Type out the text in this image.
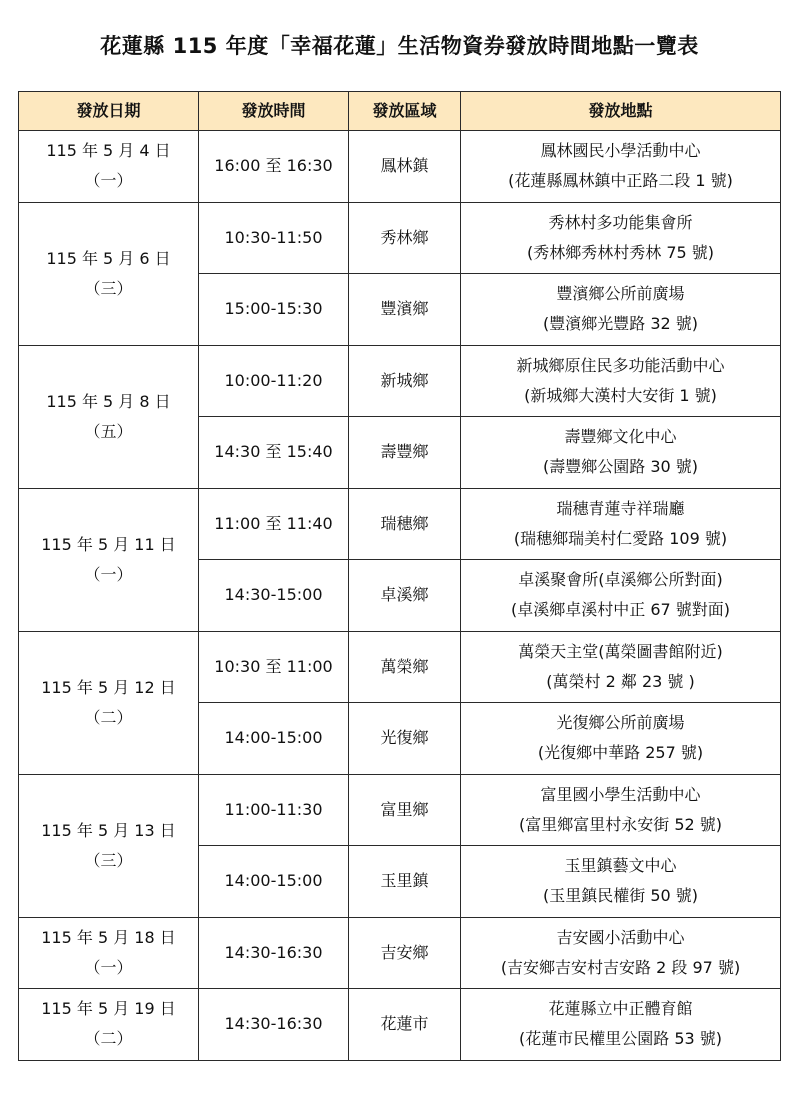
花蓮縣 115 年度「幸福花蓮」生活物資券發放時間地點一覽表
發放日期	發放時間	發放區域	發放地點

115 年 5 月 4 日
（一）	16:00 至 16:30	鳳林鎮	鳳林國民小學活動中心
(花蓮縣鳳林鎮中正路二段 1 號)

115 年 5 月 6 日
（三）	10:30-11:50	秀林鄉	秀林村多功能集會所
(秀林鄉秀林村秀林 75 號)

	15:00-15:30	豐濱鄉	豐濱鄉公所前廣場
(豐濱鄉光豐路 32 號)

115 年 5 月 8 日
（五）	10:00-11:20	新城鄉	新城鄉原住民多功能活動中心
(新城鄉大漢村大安街 1 號)

	14:30 至 15:40	壽豐鄉	壽豐鄉文化中心
(壽豐鄉公園路 30 號)

115 年 5 月 11 日
（一）	11:00 至 11:40	瑞穗鄉	瑞穗青蓮寺祥瑞廳
(瑞穗鄉瑞美村仁愛路 109 號)

	14:30-15:00	卓溪鄉	卓溪聚會所(卓溪鄉公所對面)
(卓溪鄉卓溪村中正 67 號對面)

115 年 5 月 12 日
（二）	10:30 至 11:00	萬榮鄉	萬榮天主堂(萬榮圖書館附近)
(萬榮村 2 鄰 23 號 )

	14:00-15:00	光復鄉	光復鄉公所前廣場
(光復鄉中華路 257 號)

115 年 5 月 13 日
（三）	11:00-11:30	富里鄉	富里國小學生活動中心
(富里鄉富里村永安街 52 號)

	14:00-15:00	玉里鎮	玉里鎮藝文中心
(玉里鎮民權街 50 號)

115 年 5 月 18 日
（一）	14:30-16:30	吉安鄉	吉安國小活動中心
(吉安鄉吉安村吉安路 2 段 97 號)

115 年 5 月 19 日
（二）	14:30-16:30	花蓮市	花蓮縣立中正體育館
(花蓮市民權里公園路 53 號)
